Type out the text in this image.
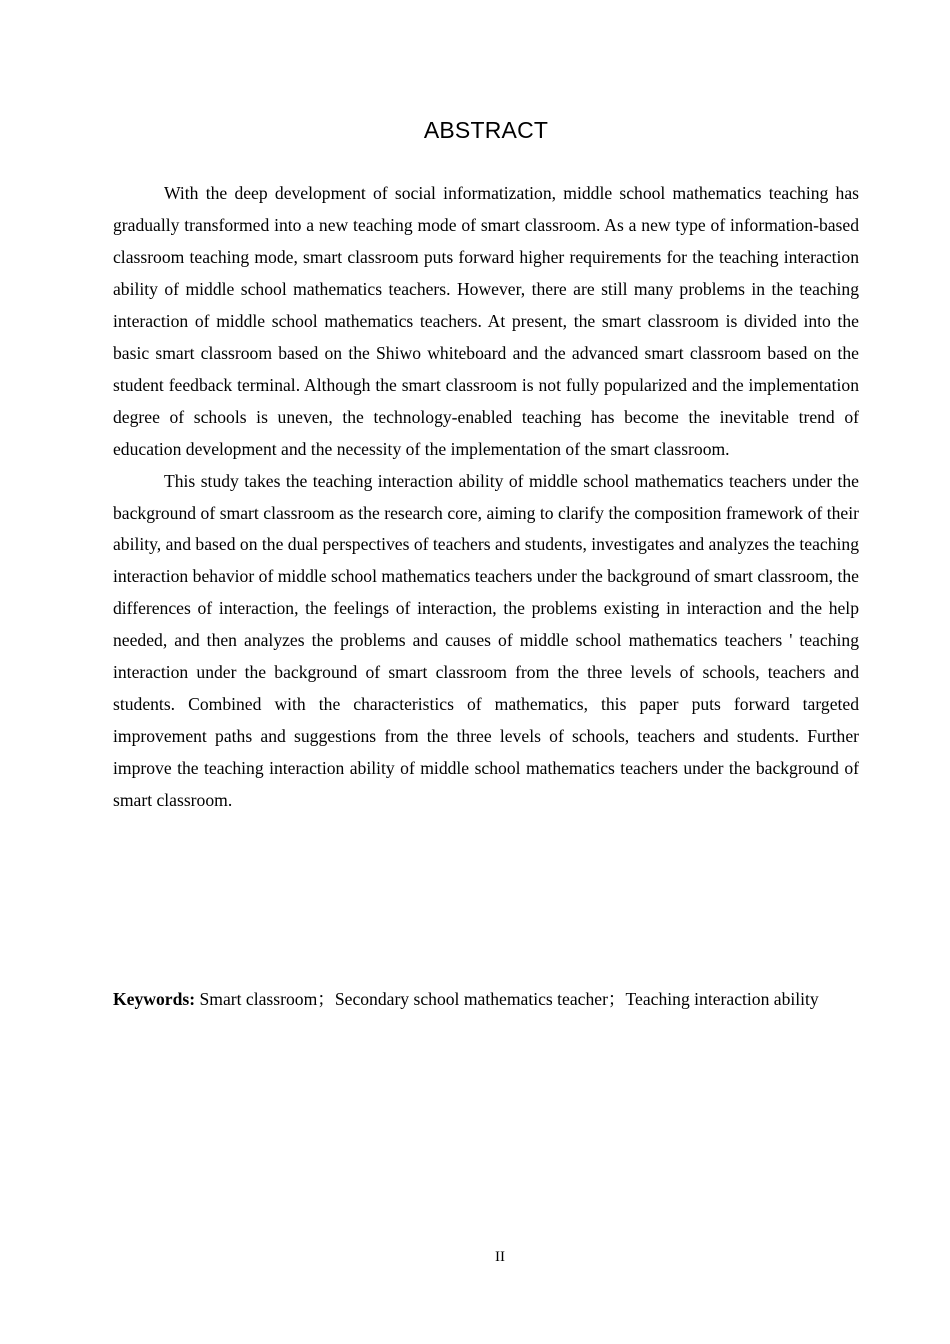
ABSTRACT

With the deep development of social informatization, middle school mathematics teaching has gradually transformed into a new teaching mode of smart classroom. As a new type of information-based classroom teaching mode, smart classroom puts forward higher requirements for the teaching interaction ability of middle school mathematics teachers. However, there are still many problems in the teaching interaction of middle school mathematics teachers. At present, the smart classroom is divided into the basic smart classroom based on the Shiwo whiteboard and the advanced smart classroom based on the student feedback terminal. Although the smart classroom is not fully popularized and the implementation degree of schools is uneven, the technology-enabled teaching has become the inevitable trend of education development and the necessity of the implementation of the smart classroom.

This study takes the teaching interaction ability of middle school mathematics teachers under the background of smart classroom as the research core, aiming to clarify the composition framework of their ability, and based on the dual perspectives of teachers and students, investigates and analyzes the teaching interaction behavior of middle school mathematics teachers under the background of smart classroom, the differences of interaction, the feelings of interaction, the problems existing in interaction and the help needed, and then analyzes the problems and causes of middle school mathematics teachers ' teaching interaction under the background of smart classroom from the three levels of schools, teachers and students. Combined with the characteristics of mathematics, this paper puts forward targeted improvement paths and suggestions from the three levels of schools, teachers and students. Further improve the teaching interaction ability of middle school mathematics teachers under the background of smart classroom.

Keywords: Smart classroom；Secondary school mathematics teacher；Teaching interaction ability
II
